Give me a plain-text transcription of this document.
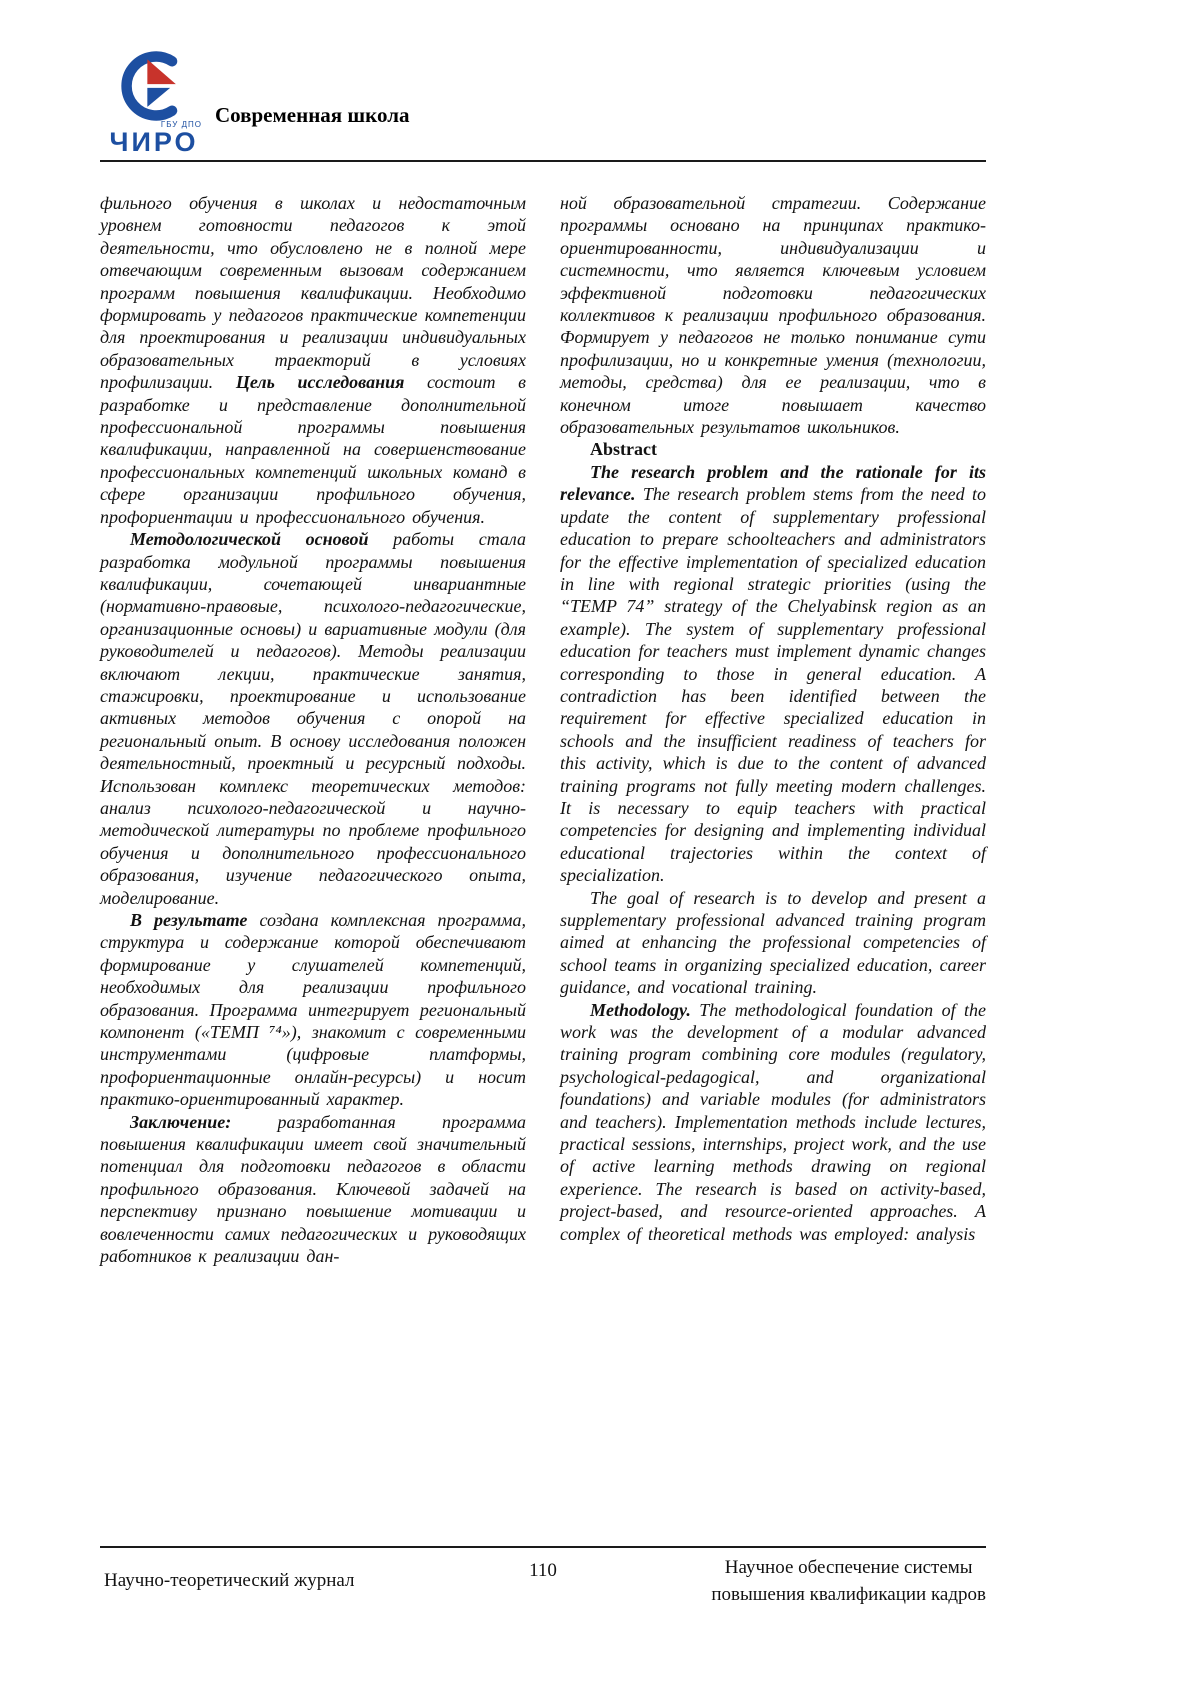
ГБУ ДПО
ЧИРО
Современная школа

фильного обучения в школах и недостаточным уровнем готовности педагогов к этой деятельности, что обусловлено не в полной мере отвечающим современным вызовам содержанием программ повышения квалификации. Необходимо формировать у педагогов практические компетенции для проектирования и реализации индивидуальных образовательных траекторий в условиях профилизации. Цель исследования состоит в разработке и представление дополнительной профессиональной программы повышения квалификации, направленной на совершенствование профессиональных компетенций школьных команд в сфере организации профильного обучения, профориентации и профессионального обучения.

Методологической основой работы стала разработка модульной программы повышения квалификации, сочетающей инвариантные (нормативно-правовые, психолого-педагогические, организационные основы) и вариативные модули (для руководителей и педагогов). Методы реализации включают лекции, практические занятия, стажировки, проектирование и использование активных методов обучения с опорой на региональный опыт. В основу исследования положен деятельностный, проектный и ресурсный подходы. Использован комплекс теоретических методов: анализ психолого-педагогической и научно-методической литературы по проблеме профильного обучения и дополнительного профессионального образования, изучение педагогического опыта, моделирование.

В результате создана комплексная программа, структура и содержание которой обеспечивают формирование у слушателей компетенций, необходимых для реализации профильного образования. Программа интегрирует региональный компонент («ТЕМП ⁷⁴»), знакомит с современными инструментами (цифровые платформы, профориентационные онлайн-ресурсы) и носит практико-ориентированный характер.

Заключение: разработанная программа повышения квалификации имеет свой значительный потенциал для подготовки педагогов в области профильного образования. Ключевой задачей на перспективу признано повышение мотивации и вовлеченности самих педагогических и руководящих работников к реализации дан-

ной образовательной стратегии. Содержание программы основано на принципах практико-ориентированности, индивидуализации и системности, что является ключевым условием эффективной подготовки педагогических коллективов к реализации профильного образования. Формирует у педагогов не только понимание сути профилизации, но и конкретные умения (технологии, методы, средства) для ее реализации, что в конечном итоге повышает качество образовательных результатов школьников.

Abstract

The research problem and the rationale for its relevance. The research problem stems from the need to update the content of supplementary professional education to prepare schoolteachers and administrators for the effective implementation of specialized education in line with regional strategic priorities (using the “TEMP 74” strategy of the Chelyabinsk region as an example). The system of supplementary professional education for teachers must implement dynamic changes corresponding to those in general education. A contradiction has been identified between the requirement for effective specialized education in schools and the insufficient readiness of teachers for this activity, which is due to the content of advanced training programs not fully meeting modern challenges. It is necessary to equip teachers with practical competencies for designing and implementing individual educational trajectories within the context of specialization.

The goal of research is to develop and present a supplementary professional advanced training program aimed at enhancing the professional competencies of school teams in organizing specialized education, career guidance, and vocational training.

Methodology. The methodological foundation of the work was the development of a modular advanced training program combining core modules (regulatory, psychological-pedagogical, and organizational foundations) and variable modules (for administrators and teachers). Implementation methods include lectures, practical sessions, internships, project work, and the use of active learning methods drawing on regional experience. The research is based on activity-based, project-based, and resource-oriented approaches. A complex of theoretical methods was employed: analysis

Научно-теоретический журнал	110	Научное обеспечение системы
повышения квалификации кадров
